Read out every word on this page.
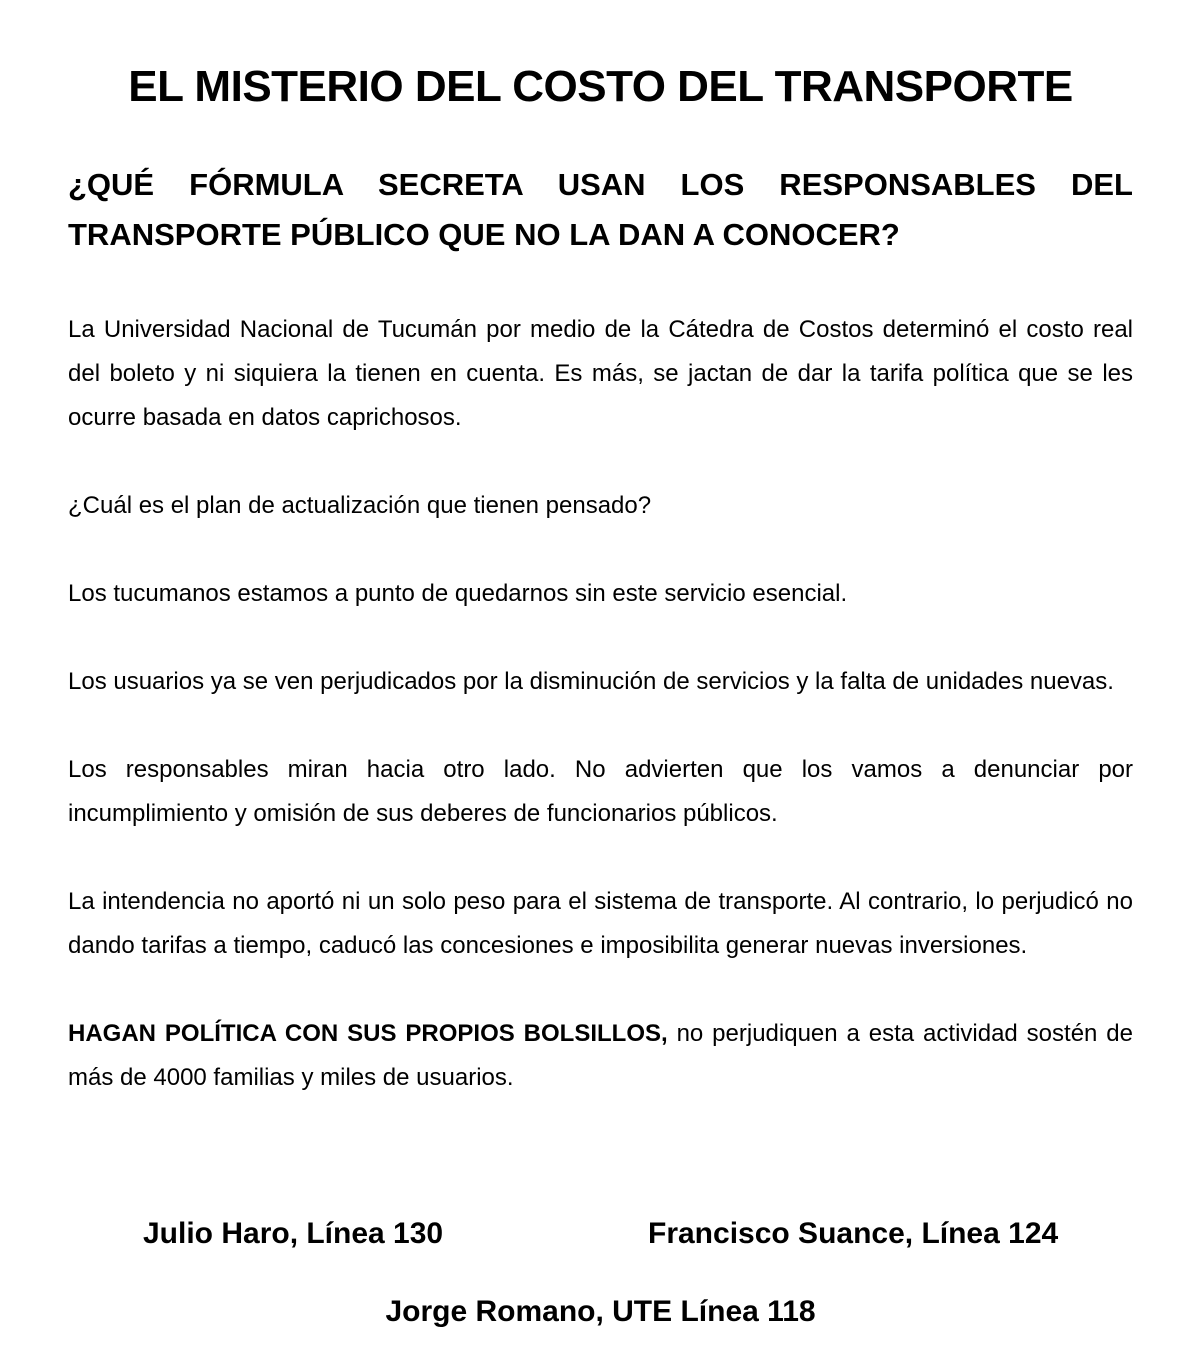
EL MISTERIO DEL COSTO DEL TRANSPORTE
¿QUÉ FÓRMULA SECRETA USAN LOS RESPONSABLES DEL TRANSPORTE PÚBLICO QUE NO LA DAN A CONOCER?

La Universidad Nacional de Tucumán por medio de la Cátedra de Costos determinó el costo real del boleto y ni siquiera la tienen en cuenta. Es más, se jactan de dar la tarifa política que se les ocurre basada en datos caprichosos.

¿Cuál es el plan de actualización que tienen pensado?

Los tucumanos estamos a punto de quedarnos sin este servicio esencial.

Los usuarios ya se ven perjudicados por la disminución de servicios y la falta de unidades nuevas.

Los responsables miran hacia otro lado. No advierten que los vamos a denunciar por incumplimiento y omisión de sus deberes de funcionarios públicos.

La intendencia no aportó ni un solo peso para el sistema de transporte. Al contrario, lo perjudicó no dando tarifas a tiempo, caducó las concesiones e imposibilita generar nuevas inversiones.

HAGAN POLÍTICA CON SUS PROPIOS BOLSILLOS, no perjudiquen a esta actividad sostén de más de 4000 familias y miles de usuarios.

Julio Haro, Línea 130	Francisco Suance, Línea 124
Jorge Romano, UTE Línea 118
